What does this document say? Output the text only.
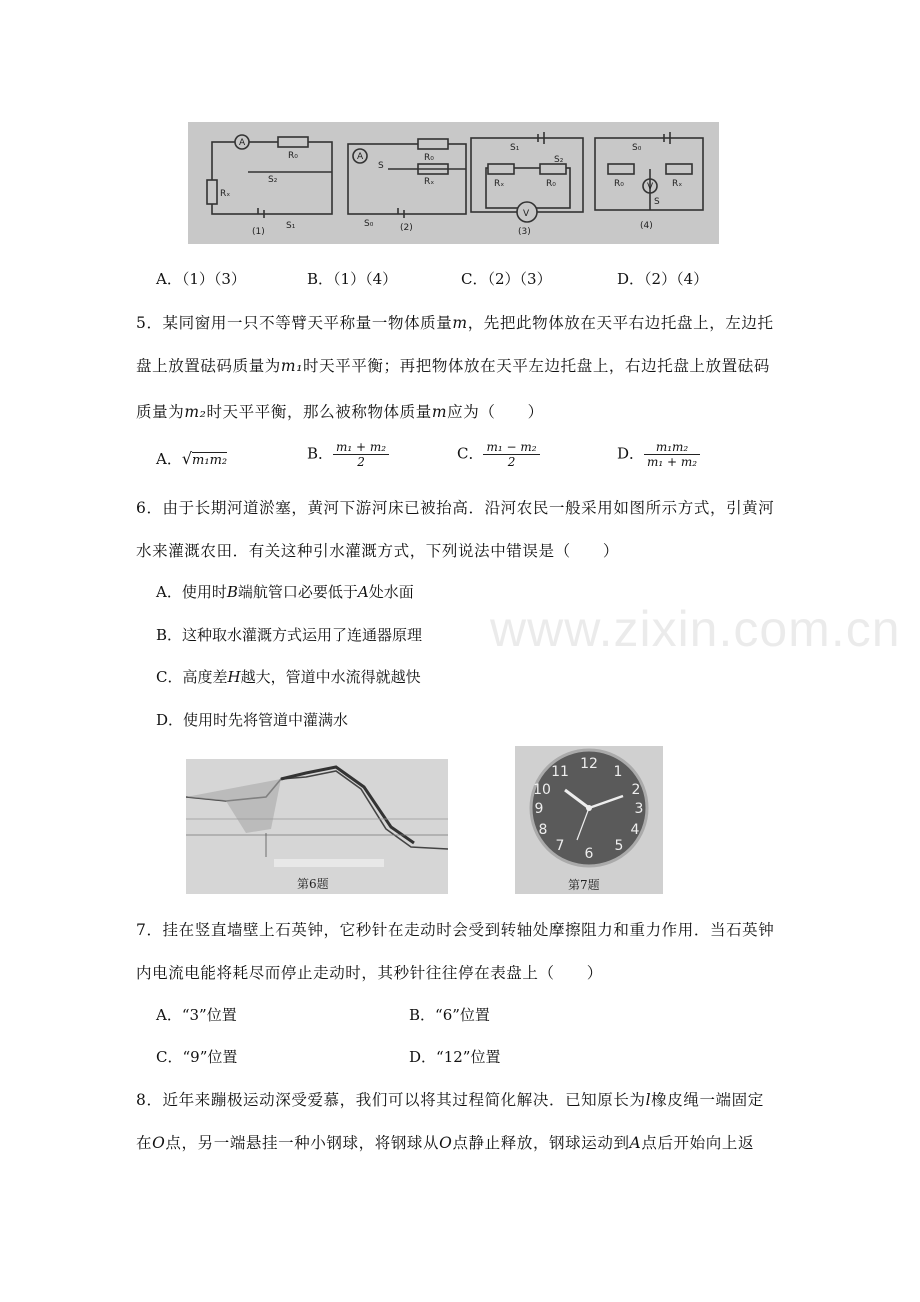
A
R₀
S₂
Rₓ
S₁
(1)
A
S
R₀
Rₓ
S₀	(2)
S₁
S₂
Rₓ	R₀
V
(3)
S₀
R₀	Rₓ
V
S
(4)
A．（1）（3）	B．（1）（4）	C．（2）（3）	D．（2）（4）
5．某同窗用一只不等臂天平称量一物体质量m，先把此物体放在天平右边托盘上，左边托
盘上放置砝码质量为m₁时天平平衡；再把物体放在天平左边托盘上，右边托盘上放置砝码
质量为m₂时天平平衡，那么被称物体质量m应为（　　）
A．√m₁m₂	B． $\frac{\text{m₁ + m₂}}{2}$	C． $\frac{\text{m₁ − m₂}}{2}$	D． $\frac{\text{m₁m₂}}{\text{m₁ + m₂}}$
6．由于长期河道淤塞，黄河下游河床已被抬高．沿河农民一般采用如图所示方式，引黄河
水来灌溉农田．有关这种引水灌溉方式，下列说法中错误是（　　）
A．使用时B端航管口必要低于A处水面
B．这种取水灌溉方式运用了连通器原理
C．高度差H越大，管道中水流得就越快
D．使用时先将管道中灌满水
www.zixin.com.cn
第6题
12 1
2
3
4
5
6
7
8
9
10
11
第7题
7．挂在竖直墙壁上石英钟，它秒针在走动时会受到转轴处摩擦阻力和重力作用．当石英钟
内电流电能将耗尽而停止走动时，其秒针往往停在表盘上（　　）
A．“3”位置	B．“6”位置
C．“9”位置	D．“12”位置
8．近年来蹦极运动深受爱慕，我们可以将其过程简化解决．已知原长为l橡皮绳一端固定
在O点，另一端悬挂一种小钢球，将钢球从O点静止释放，钢球运动到A点后开始向上返
